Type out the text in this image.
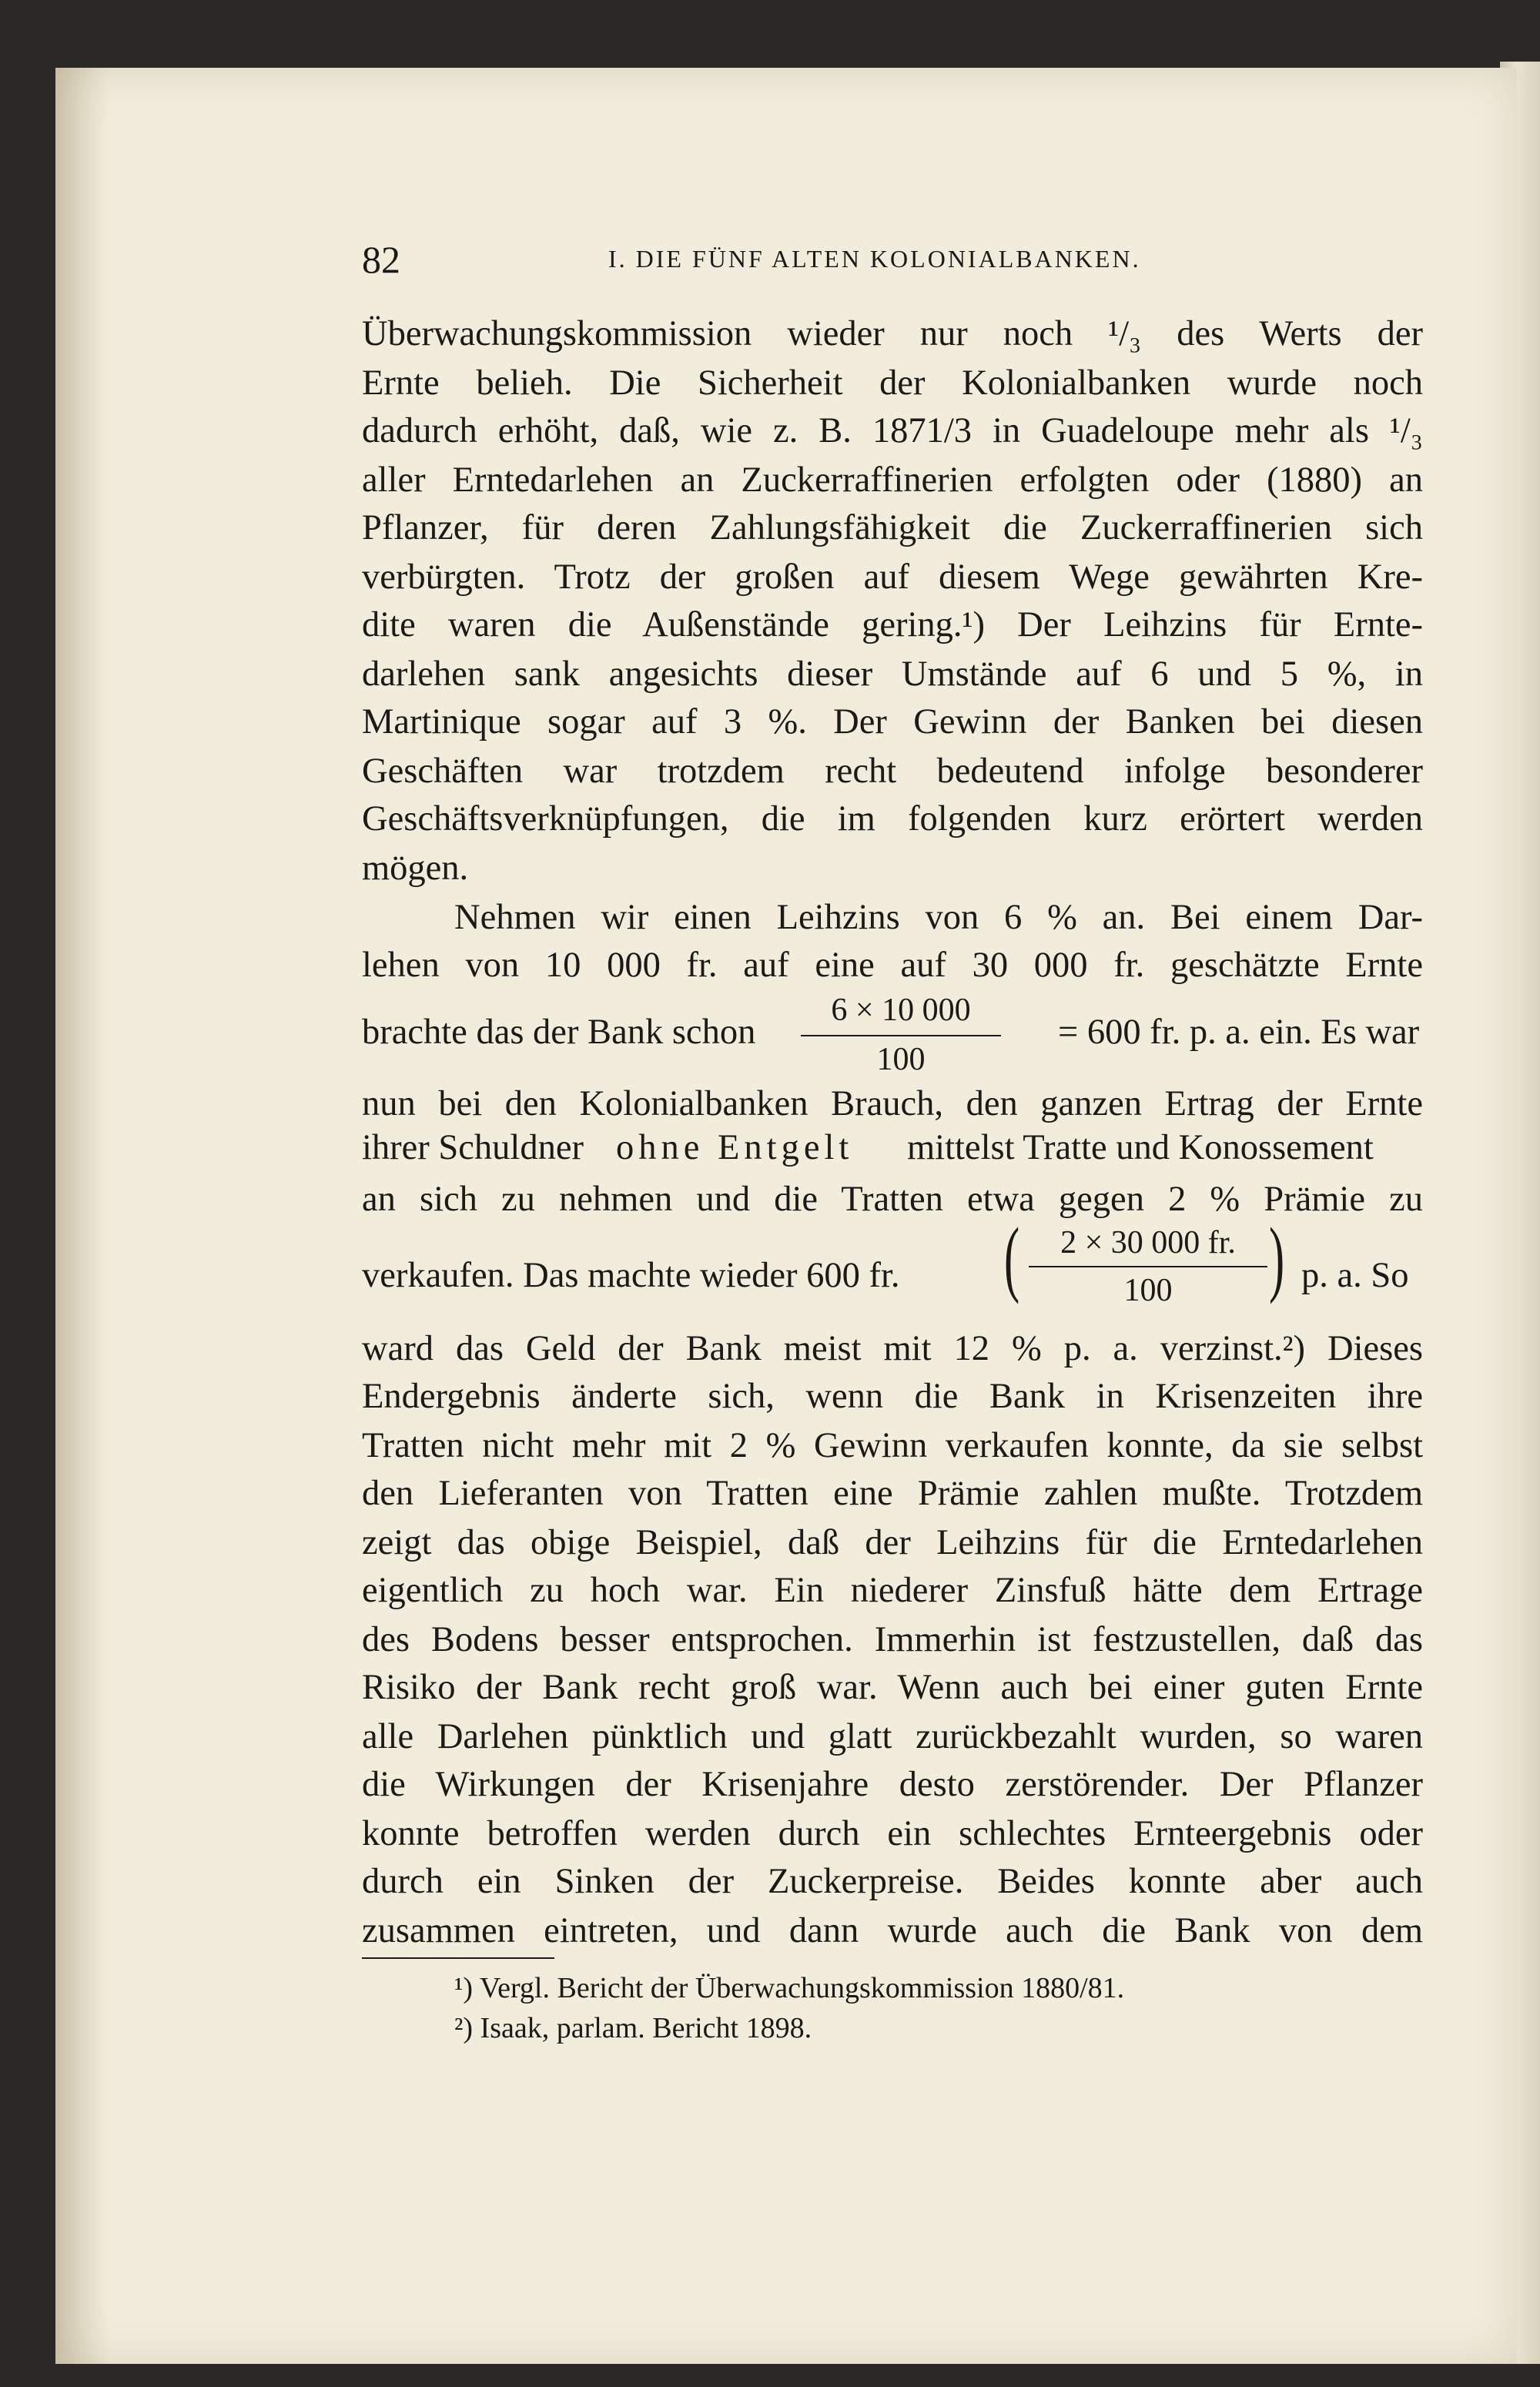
82	I. DIE FÜNF ALTEN KOLONIALBANKEN.
Überwachungskommission wieder nur noch ¹/₃ des Werts der
Ernte belieh. Die Sicherheit der Kolonialbanken wurde noch
dadurch erhöht, daß, wie z. B. 1871/3 in Guadeloupe mehr als ¹/₃
aller Erntedarlehen an Zuckerraffinerien erfolgten oder (1880) an
Pflanzer, für deren Zahlungsfähigkeit die Zuckerraffinerien sich
verbürgten. Trotz der großen auf diesem Wege gewährten Kre-
dite waren die Außenstände gering.¹) Der Leihzins für Ernte-
darlehen sank angesichts dieser Umstände auf 6 und 5 %, in
Martinique sogar auf 3 %. Der Gewinn der Banken bei diesen
Geschäften war trotzdem recht bedeutend infolge besonderer
Geschäftsverknüpfungen, die im folgenden kurz erörtert werden
mögen.
Nehmen wir einen Leihzins von 6 % an. Bei einem Dar-
lehen von 10 000 fr. auf eine auf 30 000 fr. geschätzte Ernte
brachte das der Bank schon
6 × 10 000
100
= 600 fr. p. a. ein. Es war
nun bei den Kolonialbanken Brauch, den ganzen Ertrag der Ernte
ihrer Schuldner ohne Entgelt mittelst Tratte und Konossement
an sich zu nehmen und die Tratten etwa gegen 2 % Prämie zu
verkaufen. Das machte wieder 600 fr. (	2 × 30 000 fr.
100	) p. a. So
ward das Geld der Bank meist mit 12 % p. a. verzinst.²) Dieses
Endergebnis änderte sich, wenn die Bank in Krisenzeiten ihre
Tratten nicht mehr mit 2 % Gewinn verkaufen konnte, da sie selbst
den Lieferanten von Tratten eine Prämie zahlen mußte. Trotzdem
zeigt das obige Beispiel, daß der Leihzins für die Erntedarlehen
eigentlich zu hoch war. Ein niederer Zinsfuß hätte dem Ertrage
des Bodens besser entsprochen. Immerhin ist festzustellen, daß das
Risiko der Bank recht groß war. Wenn auch bei einer guten Ernte
alle Darlehen pünktlich und glatt zurückbezahlt wurden, so waren
die Wirkungen der Krisenjahre desto zerstörender. Der Pflanzer
konnte betroffen werden durch ein schlechtes Ernteergebnis oder
durch ein Sinken der Zuckerpreise. Beides konnte aber auch
zusammen eintreten, und dann wurde auch die Bank von dem
¹) Vergl. Bericht der Überwachungskommission 1880/81.
²) Isaak, parlam. Bericht 1898.
